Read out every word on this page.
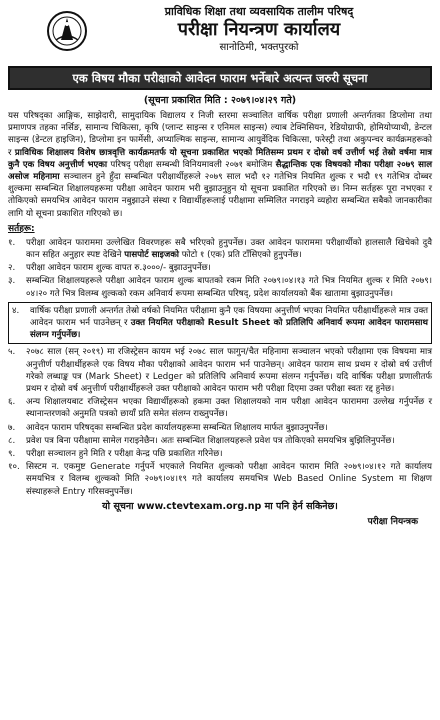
प्राविधिक शिक्षा तथा व्यवसायिक तालीम परिषद्
परीक्षा नियन्त्रण कार्यालय
सानोठिमी, भक्तपुरको
एक विषय मौका परीक्षाको आवेदन फाराम भर्नेबारे अत्यन्त जरुरी सूचना
(सूचना प्रकाशित मिति : २०७९।०४।२९ गते)
यस परिषद्का आङ्गिक, साझेदारी, सामुदायिक विद्यालय र निजी स्तरमा सञ्चालित वार्षिक परीक्षा प्रणाली अन्तर्गतका डिप्लोमा तथा प्रमाणपत्र तहका नर्सिङ, सामान्य चिकित्सा, कृषि (प्लान्ट साइन्स र एनिमल साइन्स) ल्याब टेक्निसियन, रेडियोग्राफी, होमियोप्याथी, डेन्टल साइन्स (डेन्टल हाइजिन), डिप्लोमा इन फार्मेसी, अप्थाल्मिक साइन्स, सामान्य आयुर्वेदिक चिकित्सा, फरेस्ट्री तथा अकुपन्चर कार्यक्रमहरूको र प्राविधिक शिक्षालय विशेष छात्रवृत्ति कार्यक्रमतर्फ यो सूचना प्रकाशित भएको मितिसम्म प्रथम र दोस्रो वर्ष उत्तीर्ण भई तेस्रो वर्षमा मात्र कुनै एक विषय अनुत्तीर्ण भएका परिषद्‍ परीक्षा सम्बन्धी विनियमावली २०७१ बमोजिम सैद्धान्तिक एक विषयको मौका परीक्षा २०७९ साल असोज महिनामा सञ्चालन हुने हुँदा सम्बन्धित परीक्षार्थीहरूले २०७९ साल भदौ १२ गतेभित्र नियमित शुल्क र भदौ १९ गतेभित्र दोब्बर शुल्कमा सम्बन्धित शिक्षालयहरूमा परीक्षा आवेदन फाराम भरी बुझाउनुहुन यो सूचना प्रकाशित गरिएको छ। निम्न सर्तहरू पूरा नभएका र तोकिएको समयभित्र आवेदन फाराम नबुझाउने संस्था र विद्यार्थीहरूलाई परीक्षामा सम्मिलित नगराइने व्यहोरा सम्बन्धित सबैको जानकारीका लागि यो सूचना प्रकाशित गरिएको छ।
सर्तहरू:
१.	परीक्षा आवेदन फाराममा उल्लेखित विवरणहरू सबै भरिएको हुनुपर्नेछ। उक्त आवेदन फाराममा परीक्षार्थीको हालसालै खिचेको दुवै कान सहित अनुहार स्पष्ट देखिने पासपोर्ट साइजको फोटो १ (एक) प्रति टाँसिएको हुनुपर्नेछ।
२.	परीक्षा आवेदन फाराम शुल्क वापत रु.३०००/- बुझाउनुपर्नेछ।
३.	सम्बन्धित शिक्षालयहरूले परीक्षा आवेदन फाराम शुल्क बापतको रकम मिति २०७९।०४।१३ गते भित्र नियमित शुल्क र मिति २०७९।०४।२० गते भित्र विलम्ब शुल्कको रकम अनिवार्य रूपमा सम्बन्धित परिषद्, प्रदेश कार्यालयको बैंक खातामा बुझाउनुपर्नेछ।
४.	वार्षिक परीक्षा प्रणाली अन्तर्गत तेस्रो वर्षको नियमित परीक्षामा कुनै एक विषयमा अनुत्तीर्ण भएका नियमित परीक्षार्थीहरूले मात्र उक्त आवेदन फाराम भर्न पाउनेछन् र उक्त नियमित परीक्षाको Result Sheet को प्रतिलिपि अनिवार्य रूपमा आवेदन फारामसाथ संलग्न गर्नुपर्नेछ।
५.	२०७८ साल (सन् २०१९) मा रजिस्ट्रेसन कायम भई २०७८ साल फागुन/चैत महिनामा सञ्चालन भएको परीक्षामा एक विषयमा मात्र अनुत्तीर्ण परीक्षार्थीहरूले एक विषय मौका परीक्षाको आवेदन फाराम भर्न पाउनेछन्। आवेदन फाराम साथ प्रथम र दोस्रो वर्ष उत्तीर्ण गरेको लब्धाङ्क पत्र (Mark Sheet) र Ledger को प्रतिलिपि अनिवार्य रूपमा संलग्न गर्नुपर्नेछ। यदि वार्षिक परीक्षा प्रणालीतर्फ प्रथम र दोस्रो वर्ष अनुत्तीर्ण परीक्षार्थीहरूले उक्त परीक्षाको आवेदन फाराम भरी परीक्षा दिएमा उक्त परीक्षा स्वतः रद्द हुनेछ।
६.	अन्य शिक्षालयबाट रजिस्ट्रेसन भएका विद्यार्थीहरूको हकमा उक्त शिक्षालयको नाम परीक्षा आवेदन फाराममा उल्लेख गर्नुपर्नेछ र स्थानान्तरणको अनुमति पत्रको छायाँ प्रति समेत संलग्न राख्नुपर्नेछ।
७.	आवेदन फाराम परिषद्का सम्बन्धित प्रदेश कार्यालयहरूमा सम्बन्धित शिक्षालय मार्फत बुझाउनुपर्नेछ।
८.	प्रवेश पत्र बिना परीक्षामा सामेल गराइनेछैन। अतः सम्बन्धित शिक्षालयहरूले प्रवेश पत्र तोकिएको समयभित्र बुझिलिनुपर्नेछ।
९.	परीक्षा सञ्चालन हुने मिति र परीक्षा केन्द्र पछि प्रकाशित गरिनेछ।
१०. सिस्टम न. एकमुष्ट Generate गर्नुपर्ने भएकाले नियमित शुल्कको परीक्षा आवेदन फाराम मिति २०७९।०४।१२ गते कार्यालय समयभित्र र विलम्ब शुल्कको मिति २०७९।०४।१९ गते कार्यालय समयभित्र Web Based Online System मा शिक्षण संस्थाहरूले Entry गरिसक्नुपर्नेछ।
यो सूचना www.ctevtexam.org.np मा पनि हेर्न सकिनेछ।
परीक्षा नियन्त्रक
